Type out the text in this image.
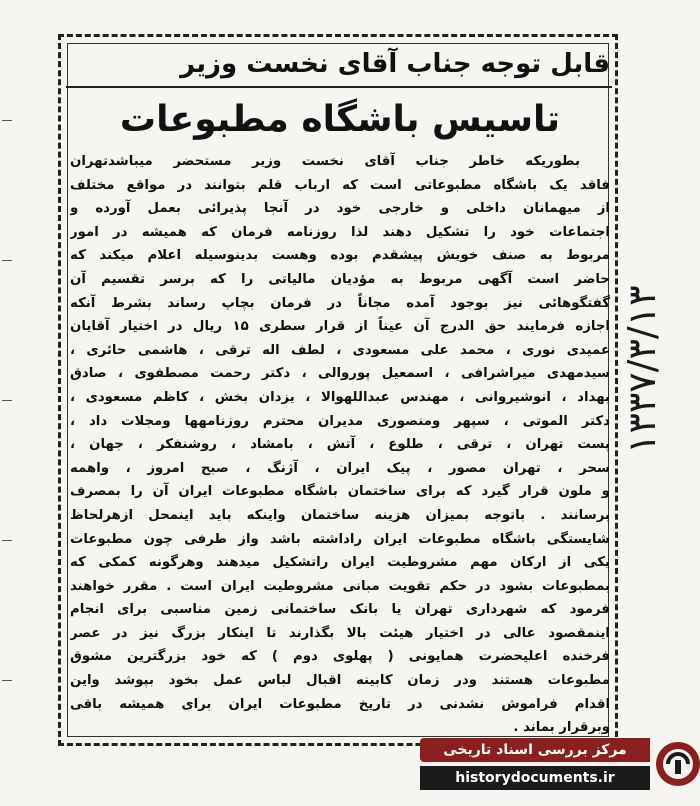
قابل توجه جناب آقای نخست وزیر
تاسیس باشگاه مطبوعات
بطوریکه خاطر جناب آقای نخست وزیر مستحضر میباشدتهران
فاقد یک باشگاه مطبوعاتی است که ارباب قلم بتوانند در مواقع مختلف
از میهمانان داخلی و خارجی خود در آنجا پذیرائی بعمل آورده و
اجتماعات خود را تشکیل دهند لذا روزنامه فرمان که همیشه در امور
مربوط به صنف خویش پیشقدم بوده وهست بدینوسیله اعلام میکند که
حاضر است آگهی مربوط به مؤدیان مالیاتی را که برسر تقسیم آن
گفتگوهائی نیز بوجود آمده مجاناً در فرمان بچاپ رساند بشرط آنکه
اجازه فرمایند حق الدرج آن عیناً از قرار سطری ۱۵ ریال در اختیار آقایان
عمیدی نوری ، محمد علی مسعودی ، لطف اله ترقی ، هاشمی حائری ،
سیدمهدی میراشرافی ، اسمعیل پوروالی ، دکتر رحمت مصطفوی ، صادق
بهداد ، انوشیروانی ، مهندس عبداللهوالا ، یزدان بخش ، کاظم مسعودی ،
دکتر الموتی ، سپهر ومنصوری مدیران محترم روزنامهها ومجلات داد ،
پست تهران ، ترقی ، طلوع ، آتش ، بامشاد ، روشنفکر ، جهان ،
سحر ، تهران مصور ، پیک ایران ، آژنگ ، صبح امروز ، واهمه
و ملون قرار گیرد که برای ساختمان باشگاه مطبوعات ایران آن را بمصرف
برسانند . باتوجه بمیزان هزینه ساختمان واینکه باید اینمحل ازهرلحاظ
شایستگی باشگاه مطبوعات ایران راداشته باشد واز طرفی چون مطبوعات
یکی از ارکان مهم مشروطیت ایران راتشکیل میدهند وهرگونه کمکی که
بمطبوعات بشود در حکم تقویت مبانی مشروطیت ایران است . مقرر خواهند
فرمود که شهرداری تهران یا بانک ساختمانی زمین مناسبی برای انجام
اینمقصود عالی در اختیار هیئت بالا بگذارند تا اینکار بزرگ نیز در عصر
فرخنده اعلیحضرت همایونی ( پهلوی دوم ) که خود بزرگترین مشوق
مطبوعات هستند ودر زمان کابینه اقبال لباس عمل بخود بپوشد واین
اقدام فراموش نشدنی در تاریخ مطبوعات ایران برای همیشه باقی
وبرقرار بماند .
۱۳۳۷/۳/۱۳
مرکز بررسی اسناد تاریخی
historydocuments.ir
